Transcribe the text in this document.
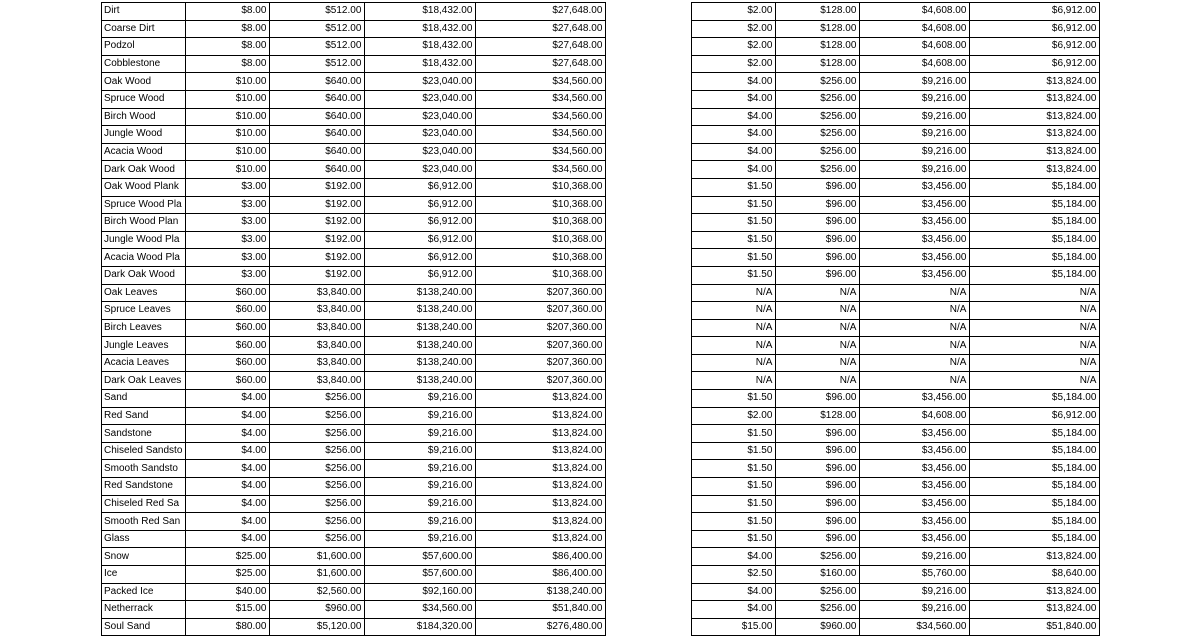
Dirt	$8.00	$512.00	$18,432.00	$27,648.00		$2.00	$128.00	$4,608.00	$6,912.00
Coarse Dirt	$8.00	$512.00	$18,432.00	$27,648.00		$2.00	$128.00	$4,608.00	$6,912.00
Podzol	$8.00	$512.00	$18,432.00	$27,648.00		$2.00	$128.00	$4,608.00	$6,912.00
Cobblestone	$8.00	$512.00	$18,432.00	$27,648.00		$2.00	$128.00	$4,608.00	$6,912.00
Oak Wood	$10.00	$640.00	$23,040.00	$34,560.00		$4.00	$256.00	$9,216.00	$13,824.00
Spruce Wood	$10.00	$640.00	$23,040.00	$34,560.00		$4.00	$256.00	$9,216.00	$13,824.00
Birch Wood	$10.00	$640.00	$23,040.00	$34,560.00		$4.00	$256.00	$9,216.00	$13,824.00
Jungle Wood	$10.00	$640.00	$23,040.00	$34,560.00		$4.00	$256.00	$9,216.00	$13,824.00
Acacia Wood	$10.00	$640.00	$23,040.00	$34,560.00		$4.00	$256.00	$9,216.00	$13,824.00
Dark Oak Wood	$10.00	$640.00	$23,040.00	$34,560.00		$4.00	$256.00	$9,216.00	$13,824.00
Oak Wood Plank	$3.00	$192.00	$6,912.00	$10,368.00		$1.50	$96.00	$3,456.00	$5,184.00
Spruce Wood Pla	$3.00	$192.00	$6,912.00	$10,368.00		$1.50	$96.00	$3,456.00	$5,184.00
Birch Wood Plan	$3.00	$192.00	$6,912.00	$10,368.00		$1.50	$96.00	$3,456.00	$5,184.00
Jungle Wood Pla	$3.00	$192.00	$6,912.00	$10,368.00		$1.50	$96.00	$3,456.00	$5,184.00
Acacia Wood Pla	$3.00	$192.00	$6,912.00	$10,368.00		$1.50	$96.00	$3,456.00	$5,184.00
Dark Oak Wood	$3.00	$192.00	$6,912.00	$10,368.00		$1.50	$96.00	$3,456.00	$5,184.00
Oak Leaves	$60.00	$3,840.00	$138,240.00	$207,360.00		N/A	N/A	N/A	N/A
Spruce Leaves	$60.00	$3,840.00	$138,240.00	$207,360.00		N/A	N/A	N/A	N/A
Birch Leaves	$60.00	$3,840.00	$138,240.00	$207,360.00		N/A	N/A	N/A	N/A
Jungle Leaves	$60.00	$3,840.00	$138,240.00	$207,360.00		N/A	N/A	N/A	N/A
Acacia Leaves	$60.00	$3,840.00	$138,240.00	$207,360.00		N/A	N/A	N/A	N/A
Dark Oak Leaves	$60.00	$3,840.00	$138,240.00	$207,360.00		N/A	N/A	N/A	N/A
Sand	$4.00	$256.00	$9,216.00	$13,824.00		$1.50	$96.00	$3,456.00	$5,184.00
Red Sand	$4.00	$256.00	$9,216.00	$13,824.00		$2.00	$128.00	$4,608.00	$6,912.00
Sandstone	$4.00	$256.00	$9,216.00	$13,824.00		$1.50	$96.00	$3,456.00	$5,184.00
Chiseled Sandsto	$4.00	$256.00	$9,216.00	$13,824.00		$1.50	$96.00	$3,456.00	$5,184.00
Smooth Sandsto	$4.00	$256.00	$9,216.00	$13,824.00		$1.50	$96.00	$3,456.00	$5,184.00
Red Sandstone	$4.00	$256.00	$9,216.00	$13,824.00		$1.50	$96.00	$3,456.00	$5,184.00
Chiseled Red Sa	$4.00	$256.00	$9,216.00	$13,824.00		$1.50	$96.00	$3,456.00	$5,184.00
Smooth Red San	$4.00	$256.00	$9,216.00	$13,824.00		$1.50	$96.00	$3,456.00	$5,184.00
Glass	$4.00	$256.00	$9,216.00	$13,824.00		$1.50	$96.00	$3,456.00	$5,184.00
Snow	$25.00	$1,600.00	$57,600.00	$86,400.00		$4.00	$256.00	$9,216.00	$13,824.00
Ice	$25.00	$1,600.00	$57,600.00	$86,400.00		$2.50	$160.00	$5,760.00	$8,640.00
Packed Ice	$40.00	$2,560.00	$92,160.00	$138,240.00		$4.00	$256.00	$9,216.00	$13,824.00
Netherrack	$15.00	$960.00	$34,560.00	$51,840.00		$4.00	$256.00	$9,216.00	$13,824.00
Soul Sand	$80.00	$5,120.00	$184,320.00	$276,480.00		$15.00	$960.00	$34,560.00	$51,840.00
